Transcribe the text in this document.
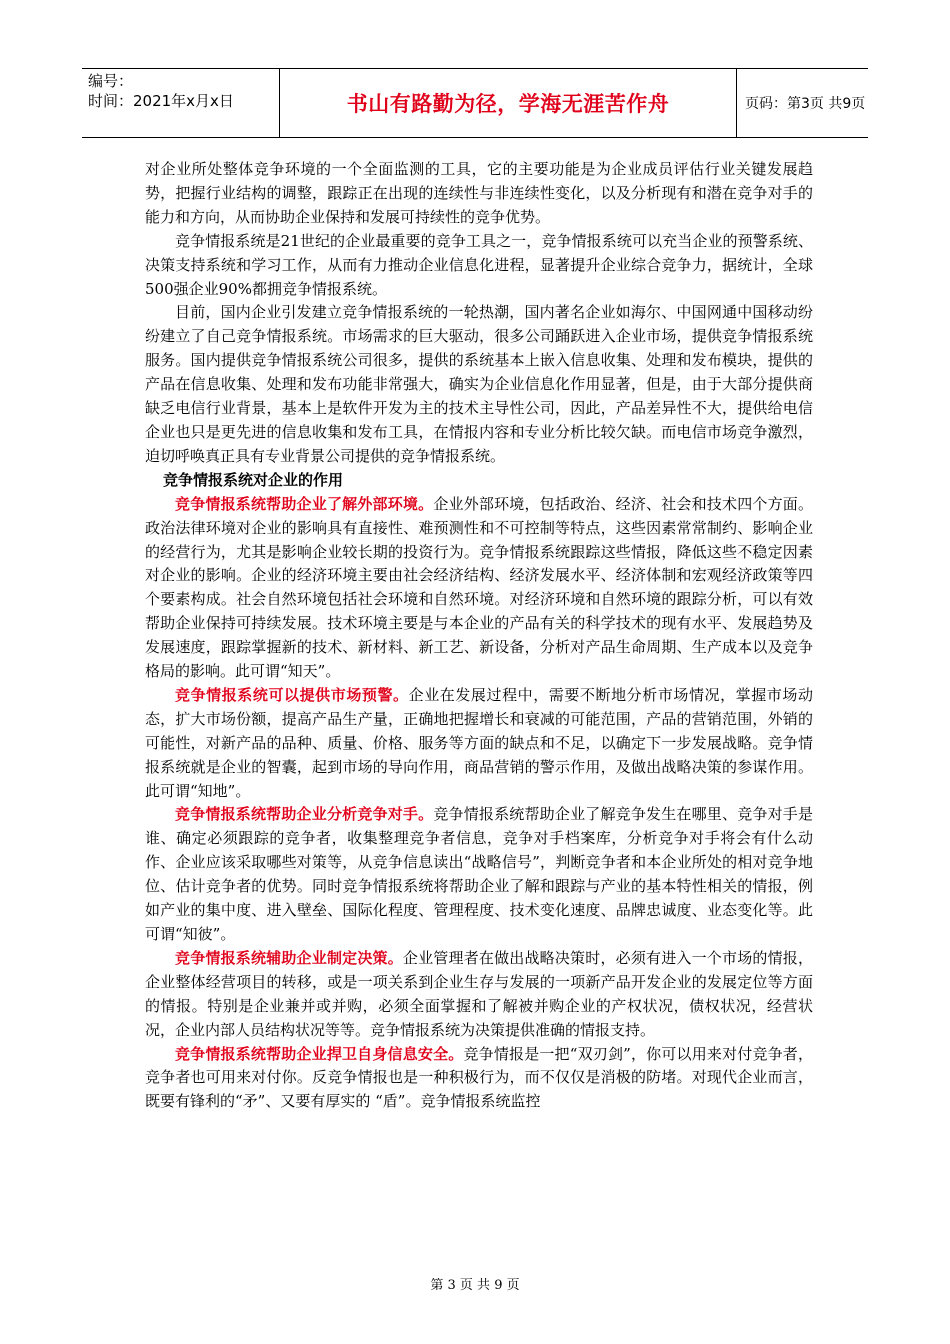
编号：
时间：2021年x月x日	书山有路勤为径，学海无涯苦作舟	页码：第3页 共9页

对企业所处整体竞争环境的一个全面监测的工具，它的主要功能是为企业成员评估行业关键发展趋势，把握行业结构的调整，跟踪正在出现的连续性与非连续性变化，以及分析现有和潜在竞争对手的能力和方向，从而协助企业保持和发展可持续性的竞争优势。

竞争情报系统是21世纪的企业最重要的竞争工具之一，竞争情报系统可以充当企业的预警系统、决策支持系统和学习工作，从而有力推动企业信息化进程，显著提升企业综合竞争力，据统计，全球500强企业90%都拥竞争情报系统。

目前，国内企业引发建立竞争情报系统的一轮热潮，国内著名企业如海尔、中国网通中国移动纷纷建立了自己竞争情报系统。市场需求的巨大驱动，很多公司踊跃进入企业市场，提供竞争情报系统服务。国内提供竞争情报系统公司很多，提供的系统基本上嵌入信息收集、处理和发布模块，提供的产品在信息收集、处理和发布功能非常强大，确实为企业信息化作用显著，但是，由于大部分提供商缺乏电信行业背景，基本上是软件开发为主的技术主导性公司，因此，产品差异性不大，提供给电信企业也只是更先进的信息收集和发布工具，在情报内容和专业分析比较欠缺。而电信市场竞争激烈，迫切呼唤真正具有专业背景公司提供的竞争情报系统。

竞争情报系统对企业的作用

竞争情报系统帮助企业了解外部环境。企业外部环境，包括政治、经济、社会和技术四个方面。政治法律环境对企业的影响具有直接性、难预测性和不可控制等特点，这些因素常常制约、影响企业的经营行为，尤其是影响企业较长期的投资行为。竞争情报系统跟踪这些情报，降低这些不稳定因素对企业的影响。企业的经济环境主要由社会经济结构、经济发展水平、经济体制和宏观经济政策等四个要素构成。社会自然环境包括社会环境和自然环境。对经济环境和自然环境的跟踪分析，可以有效帮助企业保持可持续发展。技术环境主要是与本企业的产品有关的科学技术的现有水平、发展趋势及发展速度，跟踪掌握新的技术、新材料、新工艺、新设备，分析对产品生命周期、生产成本以及竞争格局的影响。此可谓“知天”。

竞争情报系统可以提供市场预警。企业在发展过程中，需要不断地分析市场情况，掌握市场动态，扩大市场份额，提高产品生产量，正确地把握增长和衰减的可能范围，产品的营销范围，外销的可能性，对新产品的品种、质量、价格、服务等方面的缺点和不足，以确定下一步发展战略。竞争情报系统就是企业的智囊，起到市场的导向作用，商品营销的警示作用，及做出战略决策的参谋作用。此可谓“知地”。

竞争情报系统帮助企业分析竞争对手。竞争情报系统帮助企业了解竞争发生在哪里、竞争对手是谁、确定必须跟踪的竞争者，收集整理竞争者信息，竞争对手档案库，分析竞争对手将会有什么动作、企业应该采取哪些对策等，从竞争信息读出“战略信号”，判断竞争者和本企业所处的相对竞争地位、估计竞争者的优势。同时竞争情报系统将帮助企业了解和跟踪与产业的基本特性相关的情报，例如产业的集中度、进入壁垒、国际化程度、管理程度、技术变化速度、品牌忠诚度、业态变化等。此可谓“知彼”。

竞争情报系统辅助企业制定决策。企业管理者在做出战略决策时，必须有进入一个市场的情报，企业整体经营项目的转移，或是一项关系到企业生存与发展的一项新产品开发企业的发展定位等方面的情报。特别是企业兼并或并购，必须全面掌握和了解被并购企业的产权状况，债权状况，经营状况，企业内部人员结构状况等等。竞争情报系统为决策提供准确的情报支持。

竞争情报系统帮助企业捍卫自身信息安全。竞争情报是一把“双刃剑”，你可以用来对付竞争者，竞争者也可用来对付你。反竞争情报也是一种积极行为，而不仅仅是消极的防堵。对现代企业而言，既要有锋利的“矛”、又要有厚实的 “盾”。竞争情报系统监控

第 3 页 共 9 页
